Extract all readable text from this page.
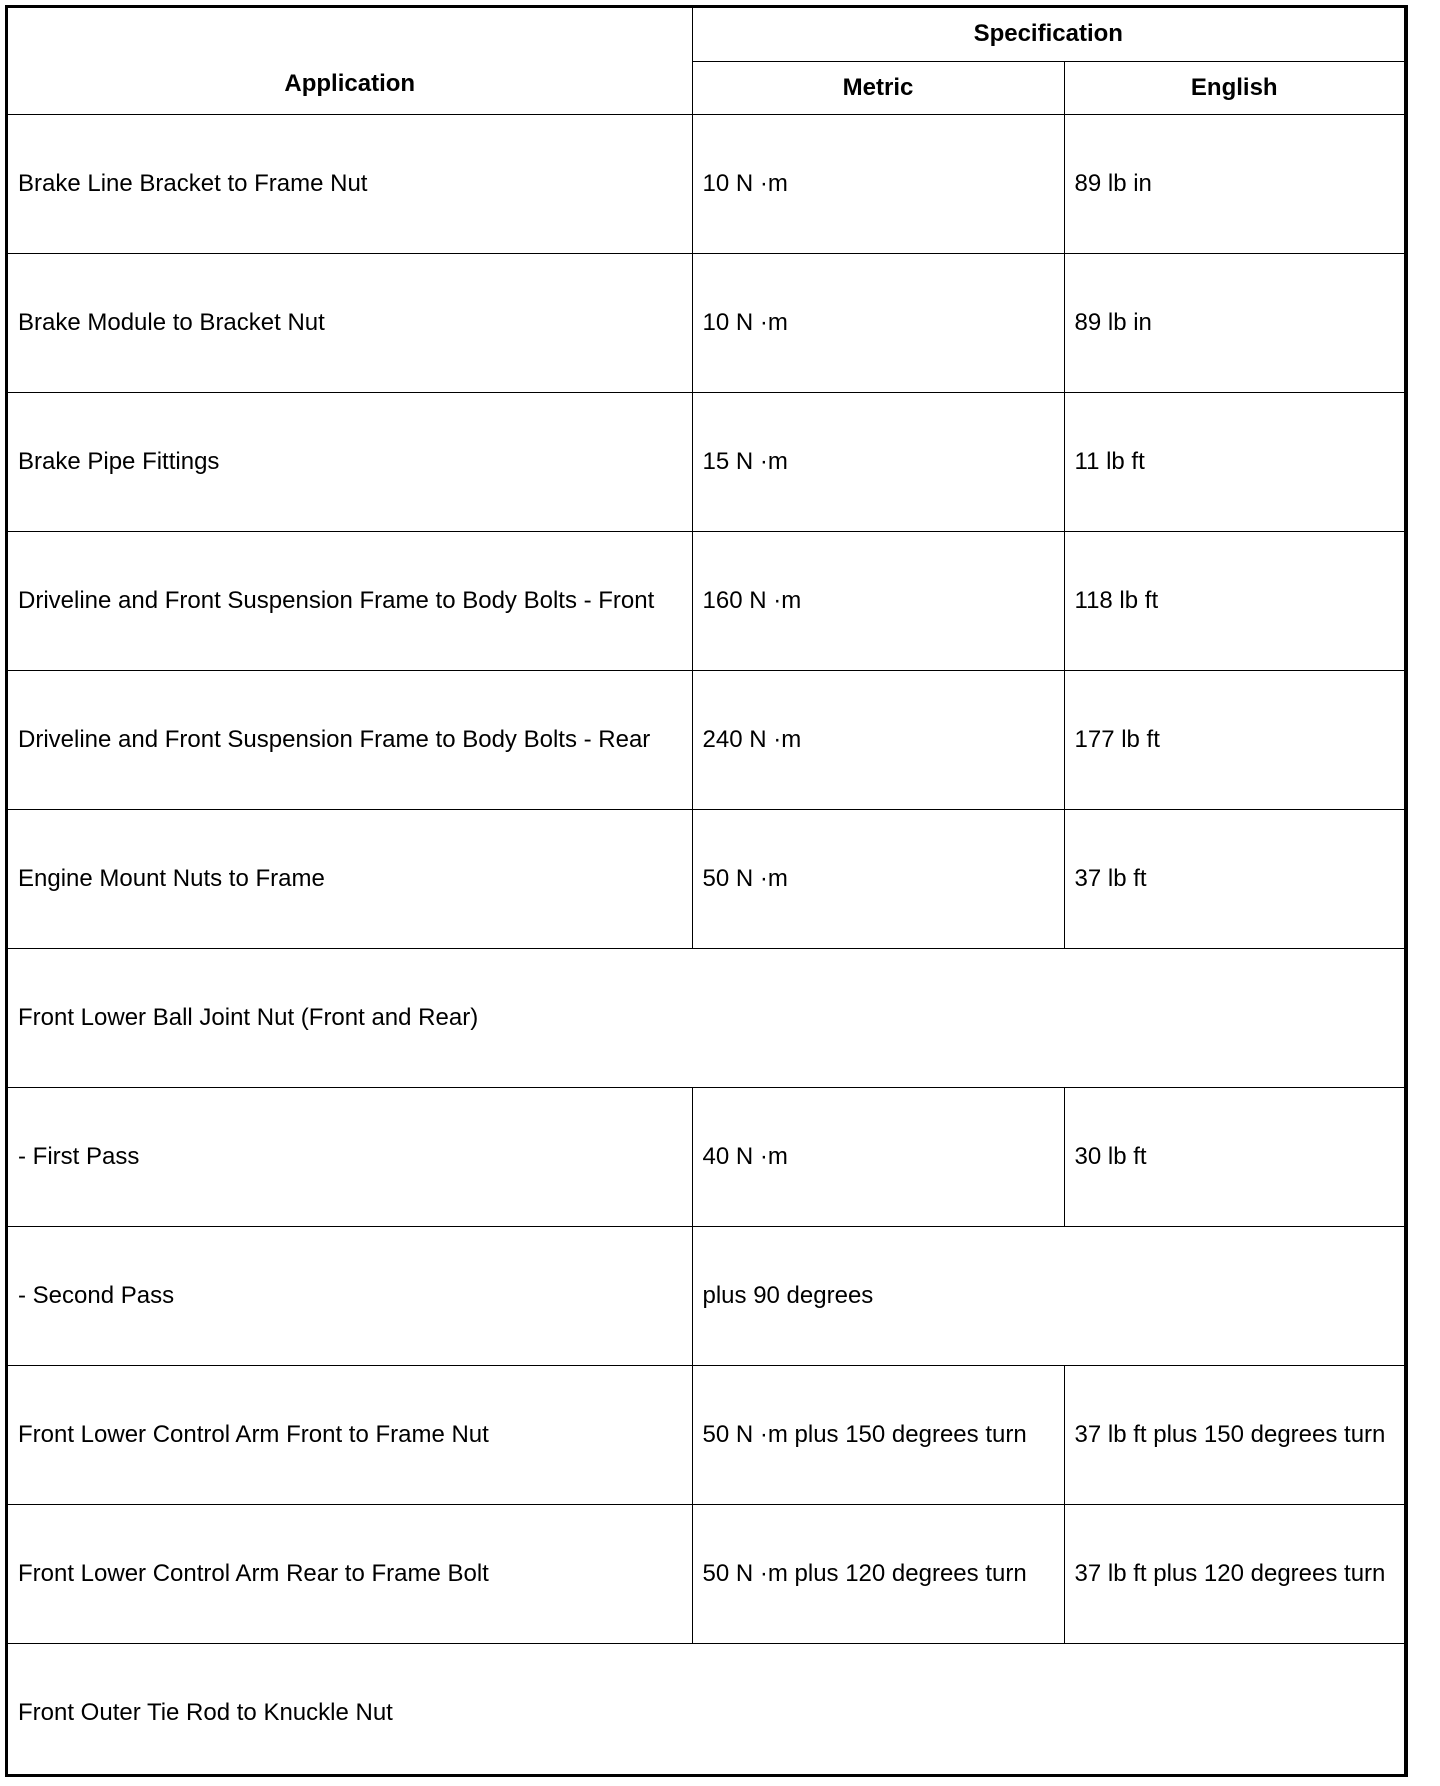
Application	Specification	
	Metric	English
Brake Line Bracket to Frame Nut	10 N ·m	89 lb in
Brake Module to Bracket Nut	10 N ·m	89 lb in
Brake Pipe Fittings	15 N ·m	11 lb ft
Driveline and Front Suspension Frame to Body Bolts - Front	160 N ·m	118 lb ft
Driveline and Front Suspension Frame to Body Bolts - Rear	240 N ·m	177 lb ft
Engine Mount Nuts to Frame	50 N ·m	37 lb ft
Front Lower Ball Joint Nut (Front and Rear)		
- First Pass	40 N ·m	30 lb ft
- Second Pass	plus 90 degrees	
Front Lower Control Arm Front to Frame Nut	50 N ·m plus 150 degrees turn	37 lb ft plus 150 degrees turn
Front Lower Control Arm Rear to Frame Bolt	50 N ·m plus 120 degrees turn	37 lb ft plus 120 degrees turn
Front Outer Tie Rod to Knuckle Nut		
